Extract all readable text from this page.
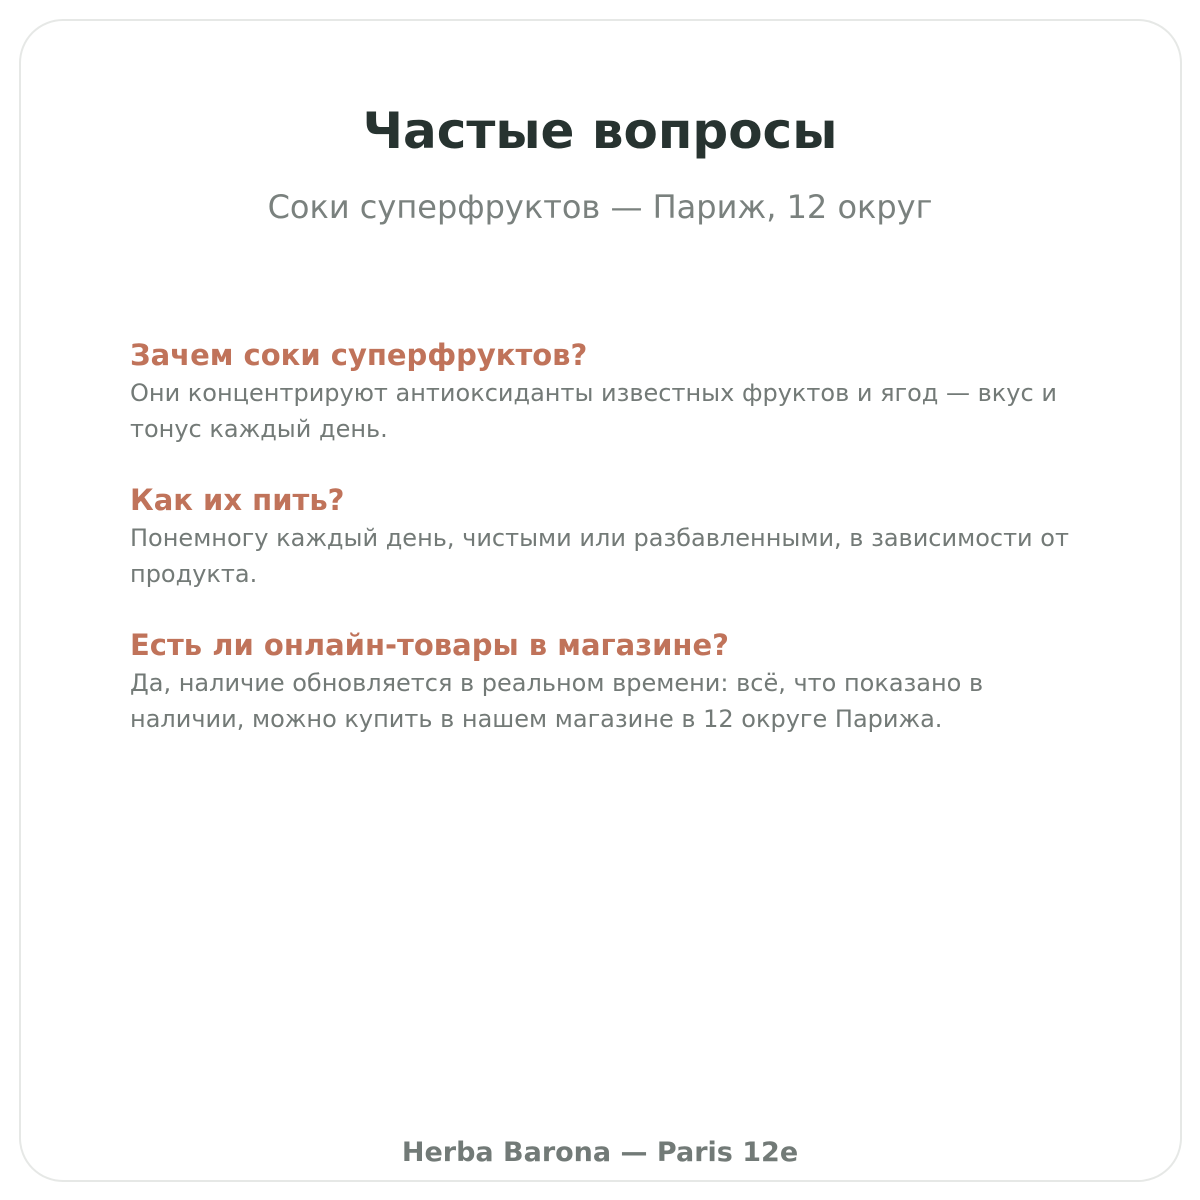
Частые вопросы
Соки суперфруктов — Париж, 12 округ
Зачем соки суперфруктов?
Они концентрируют антиоксиданты известных фруктов и ягод — вкус и тонус каждый день.
Как их пить?
Понемногу каждый день, чистыми или разбавленными, в зависимости от продукта.
Есть ли онлайн-товары в магазине?
Да, наличие обновляется в реальном времени: всё, что показано в наличии, можно купить в нашем магазине в 12 округе Парижа.
Herba Barona — Paris 12e
